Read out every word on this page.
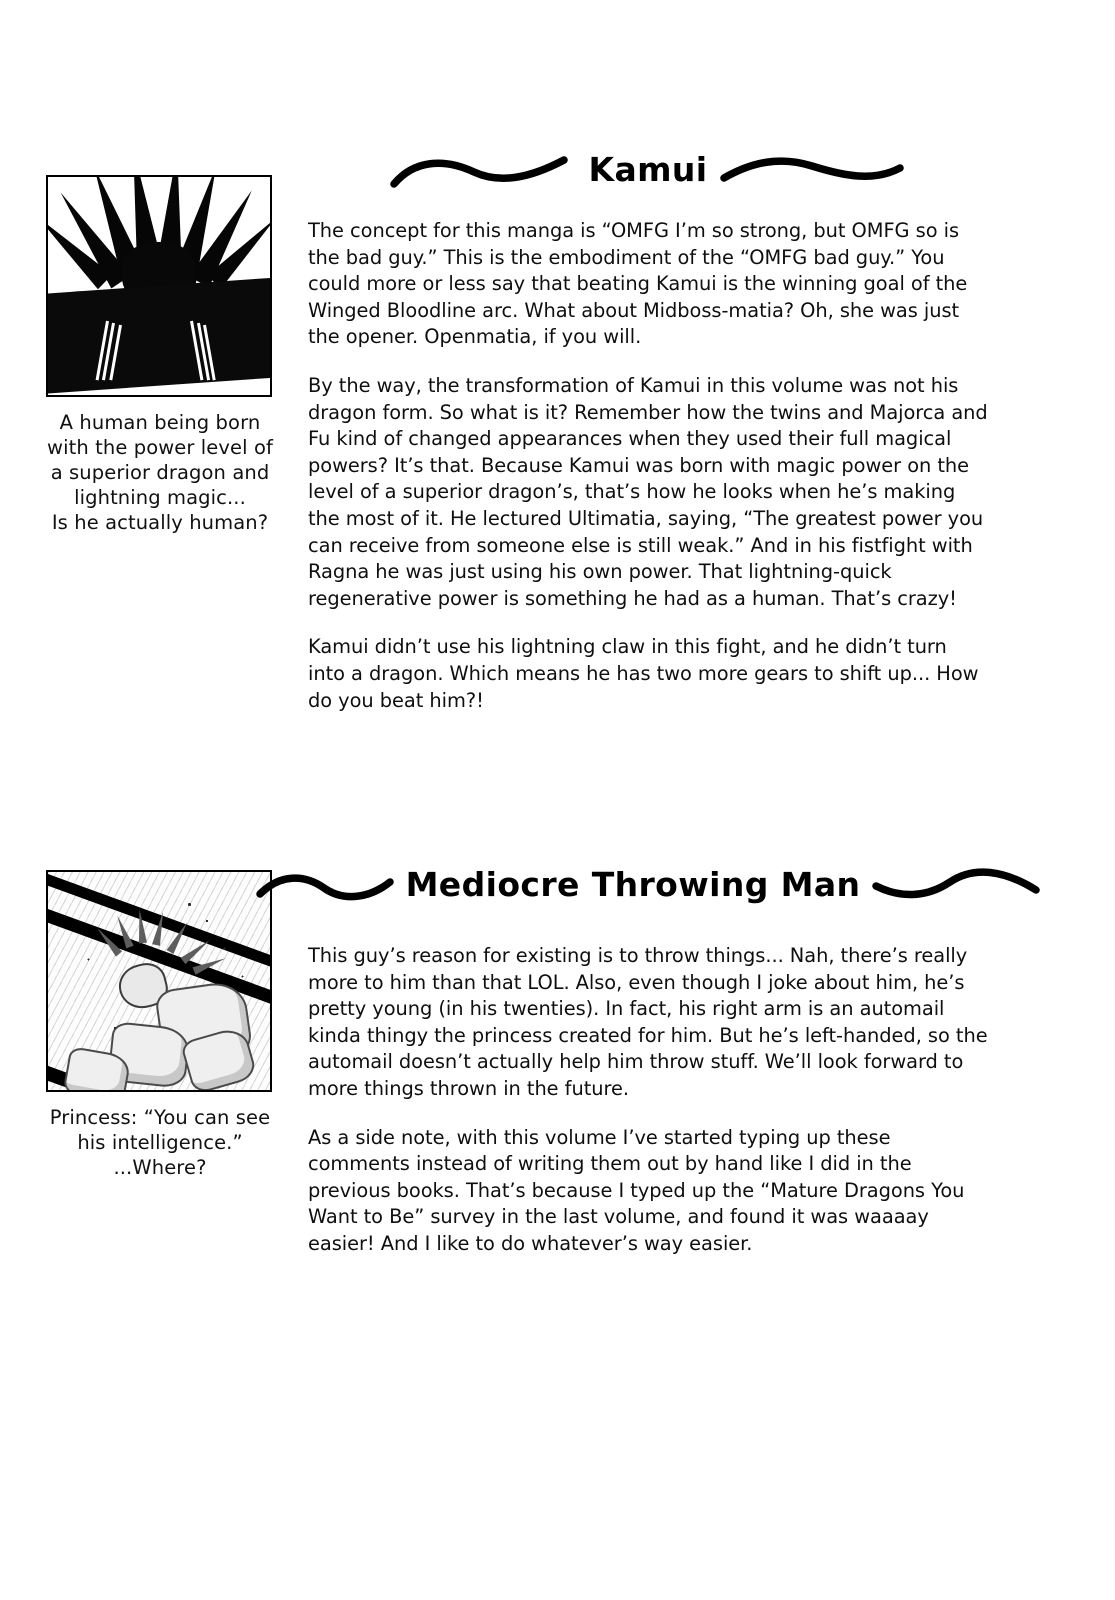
A human being born
with the power level of
a superior dragon and
lightning magic...
Is he actually human?
Kamui

The concept for this manga is “OMFG I’m so strong, but OMFG so is the bad guy.” This is the embodiment of the “OMFG bad guy.” You could more or less say that beating Kamui is the winning goal of the Winged Bloodline arc. What about Midboss-matia? Oh, she was just the opener. Openmatia, if you will.

By the way, the transformation of Kamui in this volume was not his dragon form. So what is it? Remember how the twins and Majorca and Fu kind of changed appearances when they used their full magical powers? It’s that. Because Kamui was born with magic power on the level of a superior dragon’s, that’s how he looks when he’s making the most of it. He lectured Ultimatia, saying, “The greatest power you can receive from someone else is still weak.” And in his fistfight with Ragna he was just using his own power. That lightning-quick regenerative power is something he had as a human. That’s crazy!

Kamui didn’t use his lightning claw in this fight, and he didn’t turn into a dragon. Which means he has two more gears to shift up... How do you beat him?!

Princess: “You can see
his intelligence.”
...Where?
Mediocre Throwing Man

This guy’s reason for existing is to throw things... Nah, there’s really more to him than that LOL. Also, even though I joke about him, he’s pretty young (in his twenties). In fact, his right arm is an automail kinda thingy the princess created for him. But he’s left-handed, so the automail doesn’t actually help him throw stuff. We’ll look forward to more things thrown in the future.

As a side note, with this volume I’ve started typing up these comments instead of writing them out by hand like I did in the previous books. That’s because I typed up the “Mature Dragons You Want to Be” survey in the last volume, and found it was waaaay easier! And I like to do whatever’s way easier.
